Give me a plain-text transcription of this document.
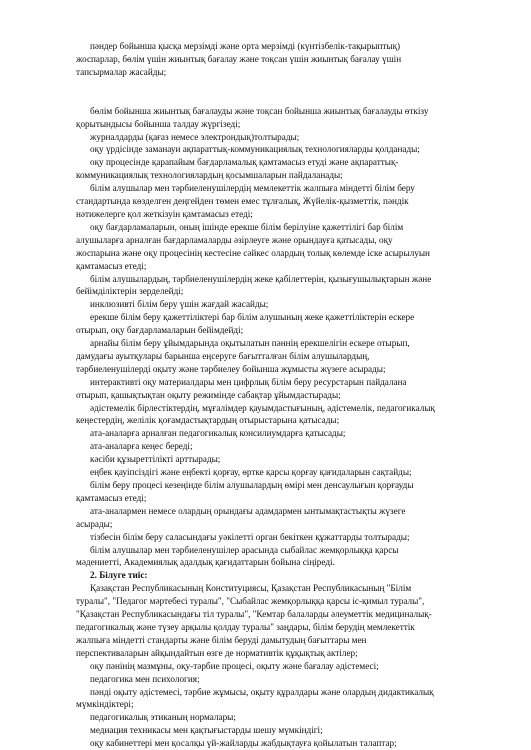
пәндер бойынша қысқа мерзімді және орта мерзімді (күнтізбелік-тақырыптық)
жоспарлар, бөлім үшін жиынтық бағалау және тоқсан үшін жиынтық бағалау үшін
тапсырмалар жасайды;
бөлім бойынша жиынтық бағалауды және тоқсан бойынша жиынтық бағалауды өткізу
қорытындысы бойынша талдау жүргізеді;
журналдарды (қағаз немесе электрондық)толтырады;
оқу үрдісінде заманауи ақпараттық-коммуникациялық технологияларды қолданады;
оқу процесінде қарапайым бағдарламалық қамтамасыз етуді және ақпараттық-
коммуникациялық технологиялардың қосымшаларын пайдаланады;
білім алушылар мен тәрбиеленушілердің мемлекеттік жалпыға міндетті білім беру
стандартында көзделген деңгейден төмен емес тұлғалық, Жүйелік-қызметтік, пәндік
нәтижелерге қол жеткізуін қамтамасыз етеді;
оқу бағдарламаларын, оның ішінде ерекше білім берілуіне қажеттілігі бар білім
алушыларға арналған бағдарламаларды әзірлеуге және орындауға қатысады, оқу
жоспарына және оқу процесінің кестесіне сәйкес олардың толық көлемде іске асырылуын
қамтамасыз етеді;
білім алушылардың, тәрбиеленушілердің жеке қабілеттерін, қызығушылықтарын және
бейімділіктерін зерделейді;
инклюзивті білім беру үшін жағдай жасайды;
ерекше білім беру қажеттіліктері бар білім алушының жеке қажеттіліктерін ескере
отырып, оқу бағдарламаларын бейімдейді;
арнайы білім беру ұйымдарында оқытылатын пәннің ерекшелігін ескере отырып,
дамудағы ауытқулары барынша еңсеруге бағытталған білім алушылардың,
тәрбиеленушілерді оқыту және тәрбиелеу бойынша жұмысты жүзеге асырады;
интерактивті оқу материалдары мен цифрлық білім беру ресурстарын пайдалана
отырып, қашықтықтан оқыту режимінде сабақтар ұйымдастырады;
әдістемелік бірлестіктердің, мұғалімдер қауымдастығының, әдістемелік, педагогикалық
кеңестердің, желілік қоғамдастықтардың отырыстарына қатысады;
ата-аналарға арналған педагогикалық консилиумдарға қатысады;
ата-аналарға кеңес береді;
кәсіби құзыреттілікті арттырады;
еңбек қауіпсіздігі және еңбекті қорғау, өртке қарсы қорғау қағидаларын сақтайды;
білім беру процесі кезеңінде білім алушылардың өмірі мен денсаулығын қорғауды
қамтамасыз етеді;
ата-аналармен немесе олардың орындағы адамдармен ынтымақтастықты жүзеге
асырады;
тізбесін білім беру саласындағы уәкілетті орган бекіткен құжаттарды толтырады;
білім алушылар мен тәрбиеленушілер арасында сыбайлас жемқорлыққа қарсы
мәдениетті, Академиялық адалдық қағидаттарын бойына сіңіреді.
2. Білуге тиіс:
Қазақстан Республикасының Конституциясы, Қазақстан Республикасының "Білім
туралы", "Педагог мәртебесі туралы", "Сыбайлас жемқорлыққа қарсы іс-қимыл туралы",
"Қазақстан Республикасындағы тіл туралы", "Кемтар балаларды әлеуметтік медициналық-
педагогикалық және түзеу арқылы қолдау туралы" заңдары, білім берудің мемлекеттік
жалпыға міндетті стандарты және білім беруді дамытудың бағыттары мен
перспективаларын айқындайтын өзге де нормативтік құқықтық актілер;
оқу пәнінің мазмұны, оқу-тәрбие процесі, оқыту және бағалау әдістемесі;
педагогика мен психология;
пәнді оқыту әдістемесі, тәрбие жұмысы, оқыту құралдары және олардың дидактикалық
мүмкіндіктері;
педагогикалық этиканың нормалары;
медиация техникасы мен қақтығыстарды шешу мүмкіндігі;
оқу кабинеттері мен қосалқы үй-жайларды жабдықтауға қойылатын талаптар;
